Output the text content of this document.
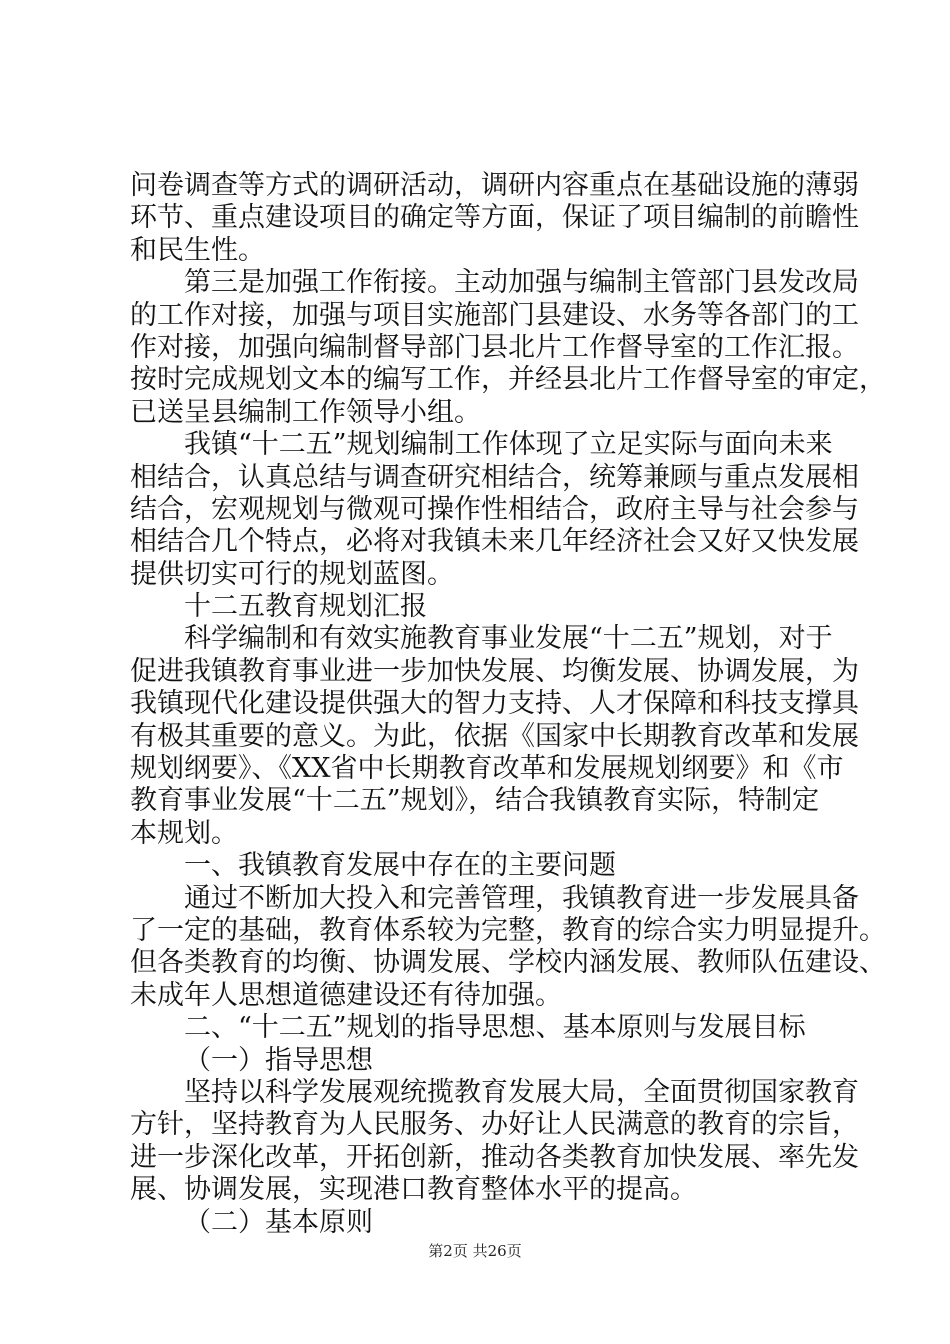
问卷调查等方式的调研活动，调研内容重点在基础设施的薄弱
环节、重点建设项目的确定等方面，保证了项目编制的前瞻性
和民生性。
第三是加强工作衔接。主动加强与编制主管部门县发改局
的工作对接，加强与项目实施部门县建设、水务等各部门的工
作对接，加强向编制督导部门县北片工作督导室的工作汇报。
按时完成规划文本的编写工作，并经县北片工作督导室的审定，
已送呈县编制工作领导小组。
我镇“十二五”规划编制工作体现了立足实际与面向未来
相结合，认真总结与调查研究相结合，统筹兼顾与重点发展相
结合，宏观规划与微观可操作性相结合，政府主导与社会参与
相结合几个特点，必将对我镇未来几年经济社会又好又快发展
提供切实可行的规划蓝图。
十二五教育规划汇报
科学编制和有效实施教育事业发展“十二五”规划，对于
促进我镇教育事业进一步加快发展、均衡发展、协调发展，为
我镇现代化建设提供强大的智力支持、人才保障和科技支撑具
有极其重要的意义。为此，依据《国家中长期教育改革和发展
规划纲要》、《XX省中长期教育改革和发展规划纲要》和《市
教育事业发展“十二五”规划》，结合我镇教育实际，特制定
本规划。
一、我镇教育发展中存在的主要问题
通过不断加大投入和完善管理，我镇教育进一步发展具备
了一定的基础，教育体系较为完整，教育的综合实力明显提升。
但各类教育的均衡、协调发展、学校内涵发展、教师队伍建设、
未成年人思想道德建设还有待加强。
二、“十二五”规划的指导思想、基本原则与发展目标
（一）指导思想
坚持以科学发展观统揽教育发展大局，全面贯彻国家教育
方针，坚持教育为人民服务、办好让人民满意的教育的宗旨，
进一步深化改革，开拓创新，推动各类教育加快发展、率先发
展、协调发展，实现港口教育整体水平的提高。
（二）基本原则
第2页 共26页
